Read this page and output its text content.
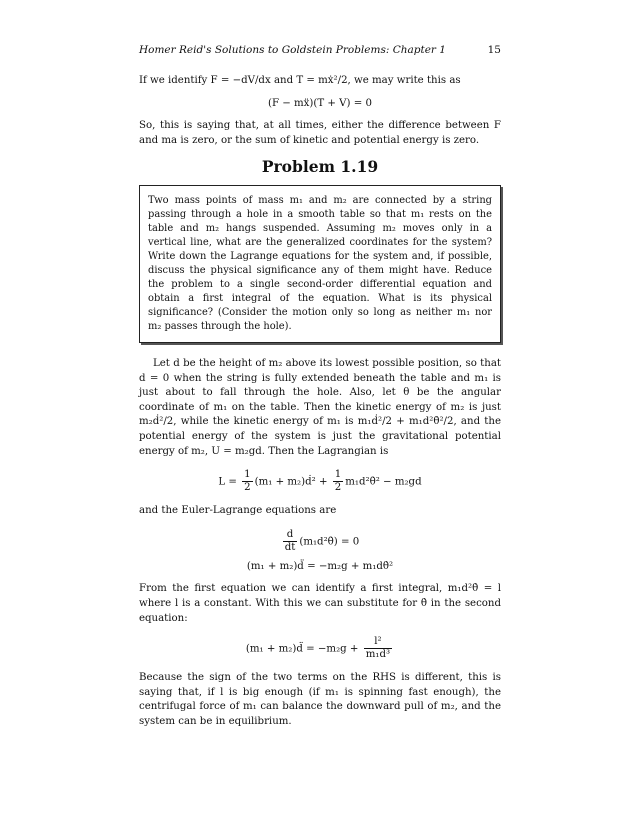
Homer Reid's Solutions to Goldstein Problems: Chapter 1	15

If we identify F = −dV/dx and T = mẋ²/2, we may write this as

(F − mẍ)(T + V) = 0

So, this is saying that, at all times, either the difference between F and ma is zero, or the sum of kinetic and potential energy is zero.

Problem 1.19

Two mass points of mass m₁ and m₂ are connected by a string passing through a hole in a smooth table so that m₁ rests on the table and m₂ hangs suspended. Assuming m₂ moves only in a vertical line, what are the generalized coordinates for the system? Write down the Lagrange equations for the system and, if possible, discuss the physical significance any of them might have. Reduce the problem to a single second-order differential equation and obtain a first integral of the equation. What is its physical significance? (Consider the motion only so long as neither m₁ nor m₂ passes through the hole).

Let d be the height of m₂ above its lowest possible position, so that d = 0 when the string is fully extended beneath the table and m₁ is just about to fall through the hole. Also, let θ be the angular coordinate of m₁ on the table. Then the kinetic energy of m₂ is just m₂ḋ²/2, while the kinetic energy of m₁ is m₁ḋ²/2 + m₁d²θ̇²/2, and the potential energy of the system is just the gravitational potential energy of m₂, U = m₂gd. Then the Lagrangian is

$L = \frac{1}{2} (m_1$ + m₂)ḋ² + $\frac{1}{2}$ m₁d²θ̇² − m₂gd

and the Euler-Lagrange equations are

$\frac{d}{dt}$ (m₁d²θ̇) = 0
(m₁ + m₂)d̈ = −m₂g + m₁dθ̇²

From the first equation we can identify a first integral, m₁d²θ̇ = l where l is a constant. With this we can substitute for θ̇ in the second equation:

(m₁ + m₂)d̈ = $-m_2g + \frac{\text{l²}}{\text{m₁d³}}$

Because the sign of the two terms on the RHS is different, this is saying that, if l is big enough (if m₁ is spinning fast enough), the centrifugal force of m₁ can balance the downward pull of m₂, and the system can be in equilibrium.
